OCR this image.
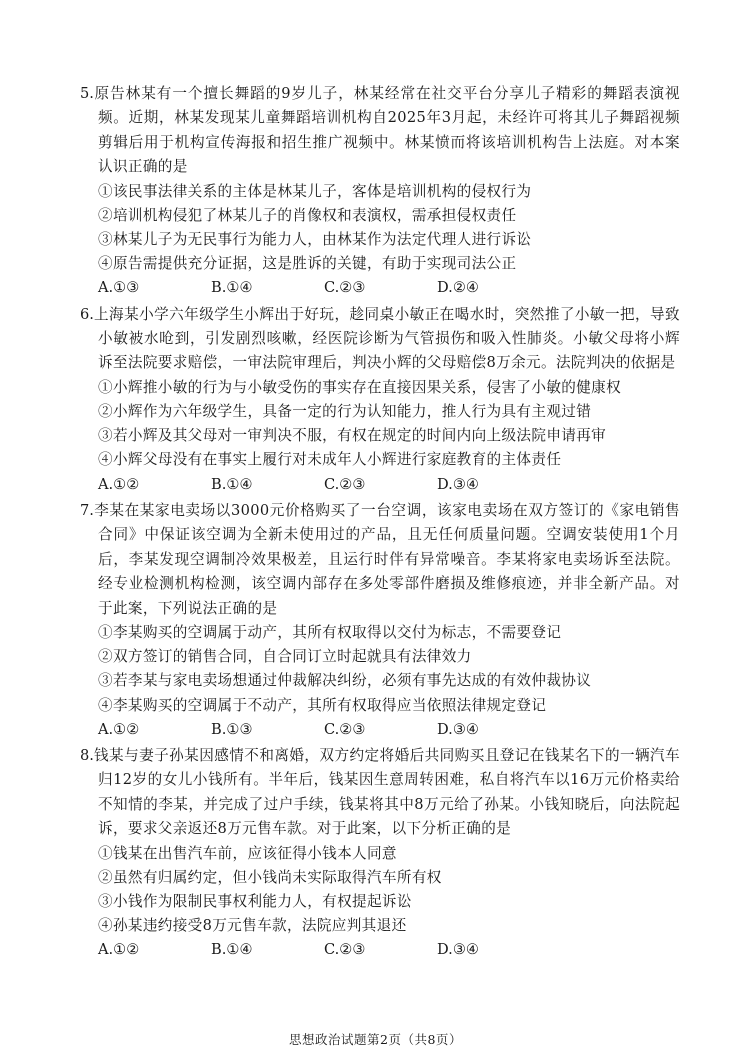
5.原告林某有一个擅长舞蹈的9岁儿子，林某经常在社交平台分享儿子精彩的舞蹈表演视频。近期，林某发现某儿童舞蹈培训机构自2025年3月起，未经许可将其儿子舞蹈视频剪辑后用于机构宣传海报和招生推广视频中。林某愤而将该培训机构告上法庭。对本案认识正确的是

①该民事法律关系的主体是林某儿子，客体是培训机构的侵权行为

②培训机构侵犯了林某儿子的肖像权和表演权，需承担侵权责任

③林某儿子为无民事行为能力人，由林某作为法定代理人进行诉讼

④原告需提供充分证据，这是胜诉的关键，有助于实现司法公正

A.①③	B.①④	C.②③	D.②④

6.上海某小学六年级学生小辉出于好玩，趁同桌小敏正在喝水时，突然推了小敏一把，导致小敏被水呛到，引发剧烈咳嗽，经医院诊断为气管损伤和吸入性肺炎。小敏父母将小辉诉至法院要求赔偿，一审法院审理后，判决小辉的父母赔偿8万余元。法院判决的依据是

①小辉推小敏的行为与小敏受伤的事实存在直接因果关系，侵害了小敏的健康权

②小辉作为六年级学生，具备一定的行为认知能力，推人行为具有主观过错

③若小辉及其父母对一审判决不服，有权在规定的时间内向上级法院申请再审

④小辉父母没有在事实上履行对未成年人小辉进行家庭教育的主体责任

A.①②	B.①④	C.②③	D.③④

7.李某在某家电卖场以3000元价格购买了一台空调，该家电卖场在双方签订的《家电销售合同》中保证该空调为全新未使用过的产品，且无任何质量问题。空调安装使用1个月后，李某发现空调制冷效果极差，且运行时伴有异常噪音。李某将家电卖场诉至法院。经专业检测机构检测，该空调内部存在多处零部件磨损及维修痕迹，并非全新产品。对于此案，下列说法正确的是

①李某购买的空调属于动产，其所有权取得以交付为标志，不需要登记

②双方签订的销售合同，自合同订立时起就具有法律效力

③若李某与家电卖场想通过仲裁解决纠纷，必须有事先达成的有效仲裁协议

④李某购买的空调属于不动产，其所有权取得应当依照法律规定登记

A.①②	B.①③	C.②③	D.③④

8.钱某与妻子孙某因感情不和离婚，双方约定将婚后共同购买且登记在钱某名下的一辆汽车归12岁的女儿小钱所有。半年后，钱某因生意周转困难，私自将汽车以16万元价格卖给不知情的李某，并完成了过户手续，钱某将其中8万元给了孙某。小钱知晓后，向法院起诉，要求父亲返还8万元售车款。对于此案，以下分析正确的是

①钱某在出售汽车前，应该征得小钱本人同意

②虽然有归属约定，但小钱尚未实际取得汽车所有权

③小钱作为限制民事权利能力人，有权提起诉讼

④孙某违约接受8万元售车款，法院应判其退还

A.①②	B.①④	C.②③	D.③④
思想政治试题第2页（共8页）
